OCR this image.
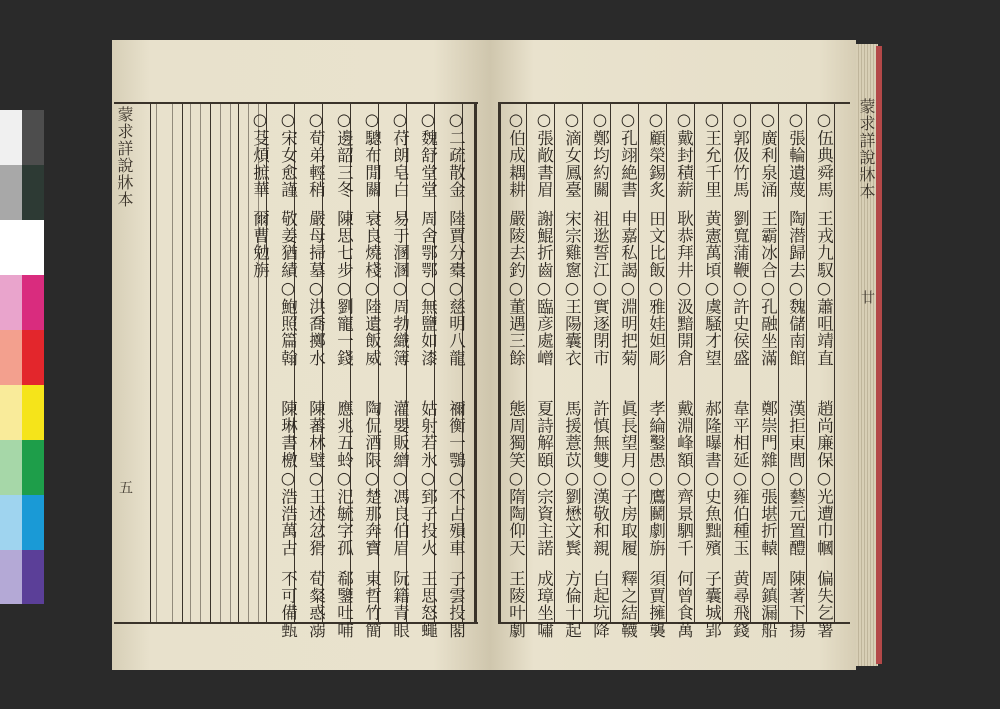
○二疏散金
陸賈分橐○慈明八龍
禰衡一鶚○不占殞車
子雲投閣
○魏舒堂堂
周舍鄂鄂○無鹽如漆
姑射若氷○郅子投火
王思怒蠅
○苻朗皂白
易于溷溷○周勃織簿
灌嬰販繒○馮良伯眉
阮籍青眼
○驄布閒關
衰良燒棧○陸遺飯威
陶侃酒限○楚那奔寶
東哲竹簡
○邊韶三冬
陳思七步○劉寵一錢
應兆五蛉○汜毓字孤
郗鑒吐哺
○荀弟輕稍
嚴母掃墓○洪喬擲水
陳蕃林璧○王述忿猾
荀粲惑溺
○宋女愈謹
敬姜猶績○鮑照篇翰
陳琳書檄○浩浩萬古
不可備甄
○芟煩摭華
爾曹勉旃
蒙求詳說牀本
五
○伍典舜馬
王戎九馭○蕭咀靖直
趙尚廉保○光遭巾幗
偏失乞署
○張輪遺蔑
陶潜歸去○魏儲南館
漢拒東閭○藝元置醴
陳著下揚
○廣利泉涌
王霸冰合○孔融坐滿
鄭崇門雜○張堪折轅
周鎮漏船
○郭伋竹馬
劉寬蒲鞭○許史侯盛
韋平相延○雍伯種玉
黄尋飛錢
○王允千里
黄憲萬頃○虞騒才望
郝隆曝書○史魚黜殯
子囊城郢
○戴封積薪
耿恭拜井○汲黯開倉
戴淵峰額○齊景駟千
何曾食萬
○顧榮錫炙
田文比飯○雅娃妲彫
孝綸鑿愚○鷹鬭劇旃
須賈擁襲
○孔翊絶書
申嘉私謁○淵明把菊
眞長望月○子房取履
釋之結韈
○鄭均約關
祖逖誓江○實逐閉市
許慎無雙○漢敬和親
白起坑降
○滴女鳳臺
宋宗雞窻○王陽囊衣
馬援薏苡○劉懋文鬂
方倫十起
○張敞書眉
謝鯤折齒○臨彦處嶒
夏詩解頤○宗資主諾
成璋坐嘯
○伯成耦耕
嚴陵去釣○董遇三餘
態周獨笑○隋陶仰天
王陵叶劇
蒙求詳說牀本
廿
